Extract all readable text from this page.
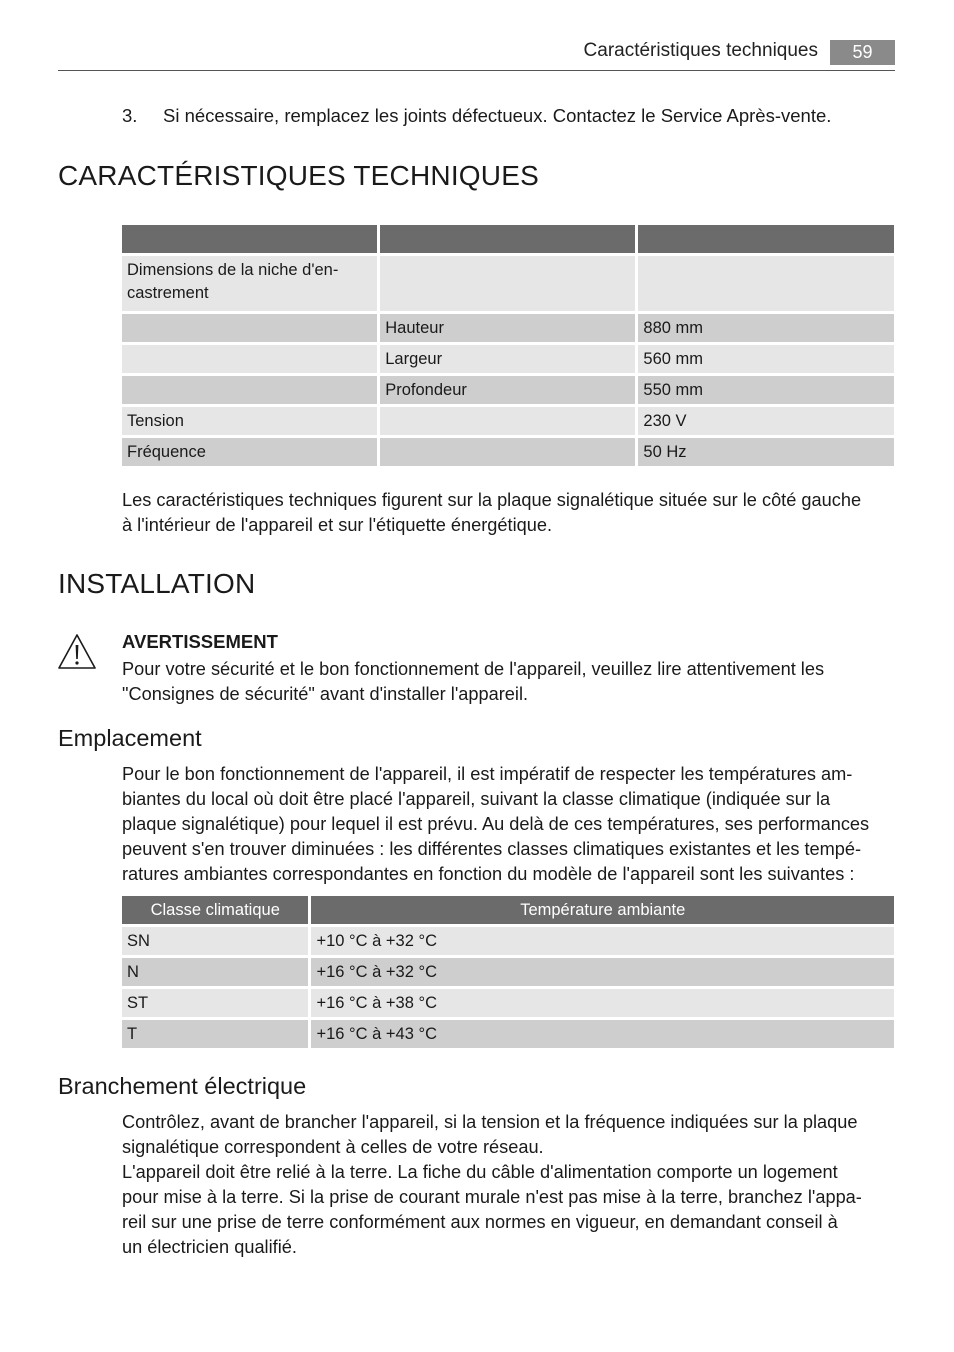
Caractéristiques techniques	59
3. Si nécessaire, remplacez les joints défectueux. Contactez le Service Après-vente.
CARACTÉRISTIQUES TECHNIQUES

Dimensions de la niche d'en-
castrement		
	Hauteur	880 mm
	Largeur	560 mm
	Profondeur	550 mm
Tension		230 V
Fréquence		50 Hz
Les caractéristiques techniques figurent sur la plaque signalétique située sur le côté gauche
à l'intérieur de l'appareil et sur l'étiquette énergétique.
INSTALLATION
AVERTISSEMENT
Pour votre sécurité et le bon fonctionnement de l'appareil, veuillez lire attentivement les
"Consignes de sécurité" avant d'installer l'appareil.
Emplacement
Pour le bon fonctionnement de l'appareil, il est impératif de respecter les températures am-
biantes du local où doit être placé l'appareil, suivant la classe climatique (indiquée sur la
plaque signalétique) pour lequel il est prévu. Au delà de ces températures, ses performances
peuvent s'en trouver diminuées : les différentes classes climatiques existantes et les tempé-
ratures ambiantes correspondantes en fonction du modèle de l'appareil sont les suivantes :
Classe climatique	Température ambiante
SN	+10 °C à +32 °C
N	+16 °C à +32 °C
ST	+16 °C à +38 °C
T	+16 °C à +43 °C
Branchement électrique
Contrôlez, avant de brancher l'appareil, si la tension et la fréquence indiquées sur la plaque
signalétique correspondent à celles de votre réseau.
L'appareil doit être relié à la terre. La fiche du câble d'alimentation comporte un logement
pour mise à la terre. Si la prise de courant murale n'est pas mise à la terre, branchez l'appa-
reil sur une prise de terre conformément aux normes en vigueur, en demandant conseil à
un électricien qualifié.
